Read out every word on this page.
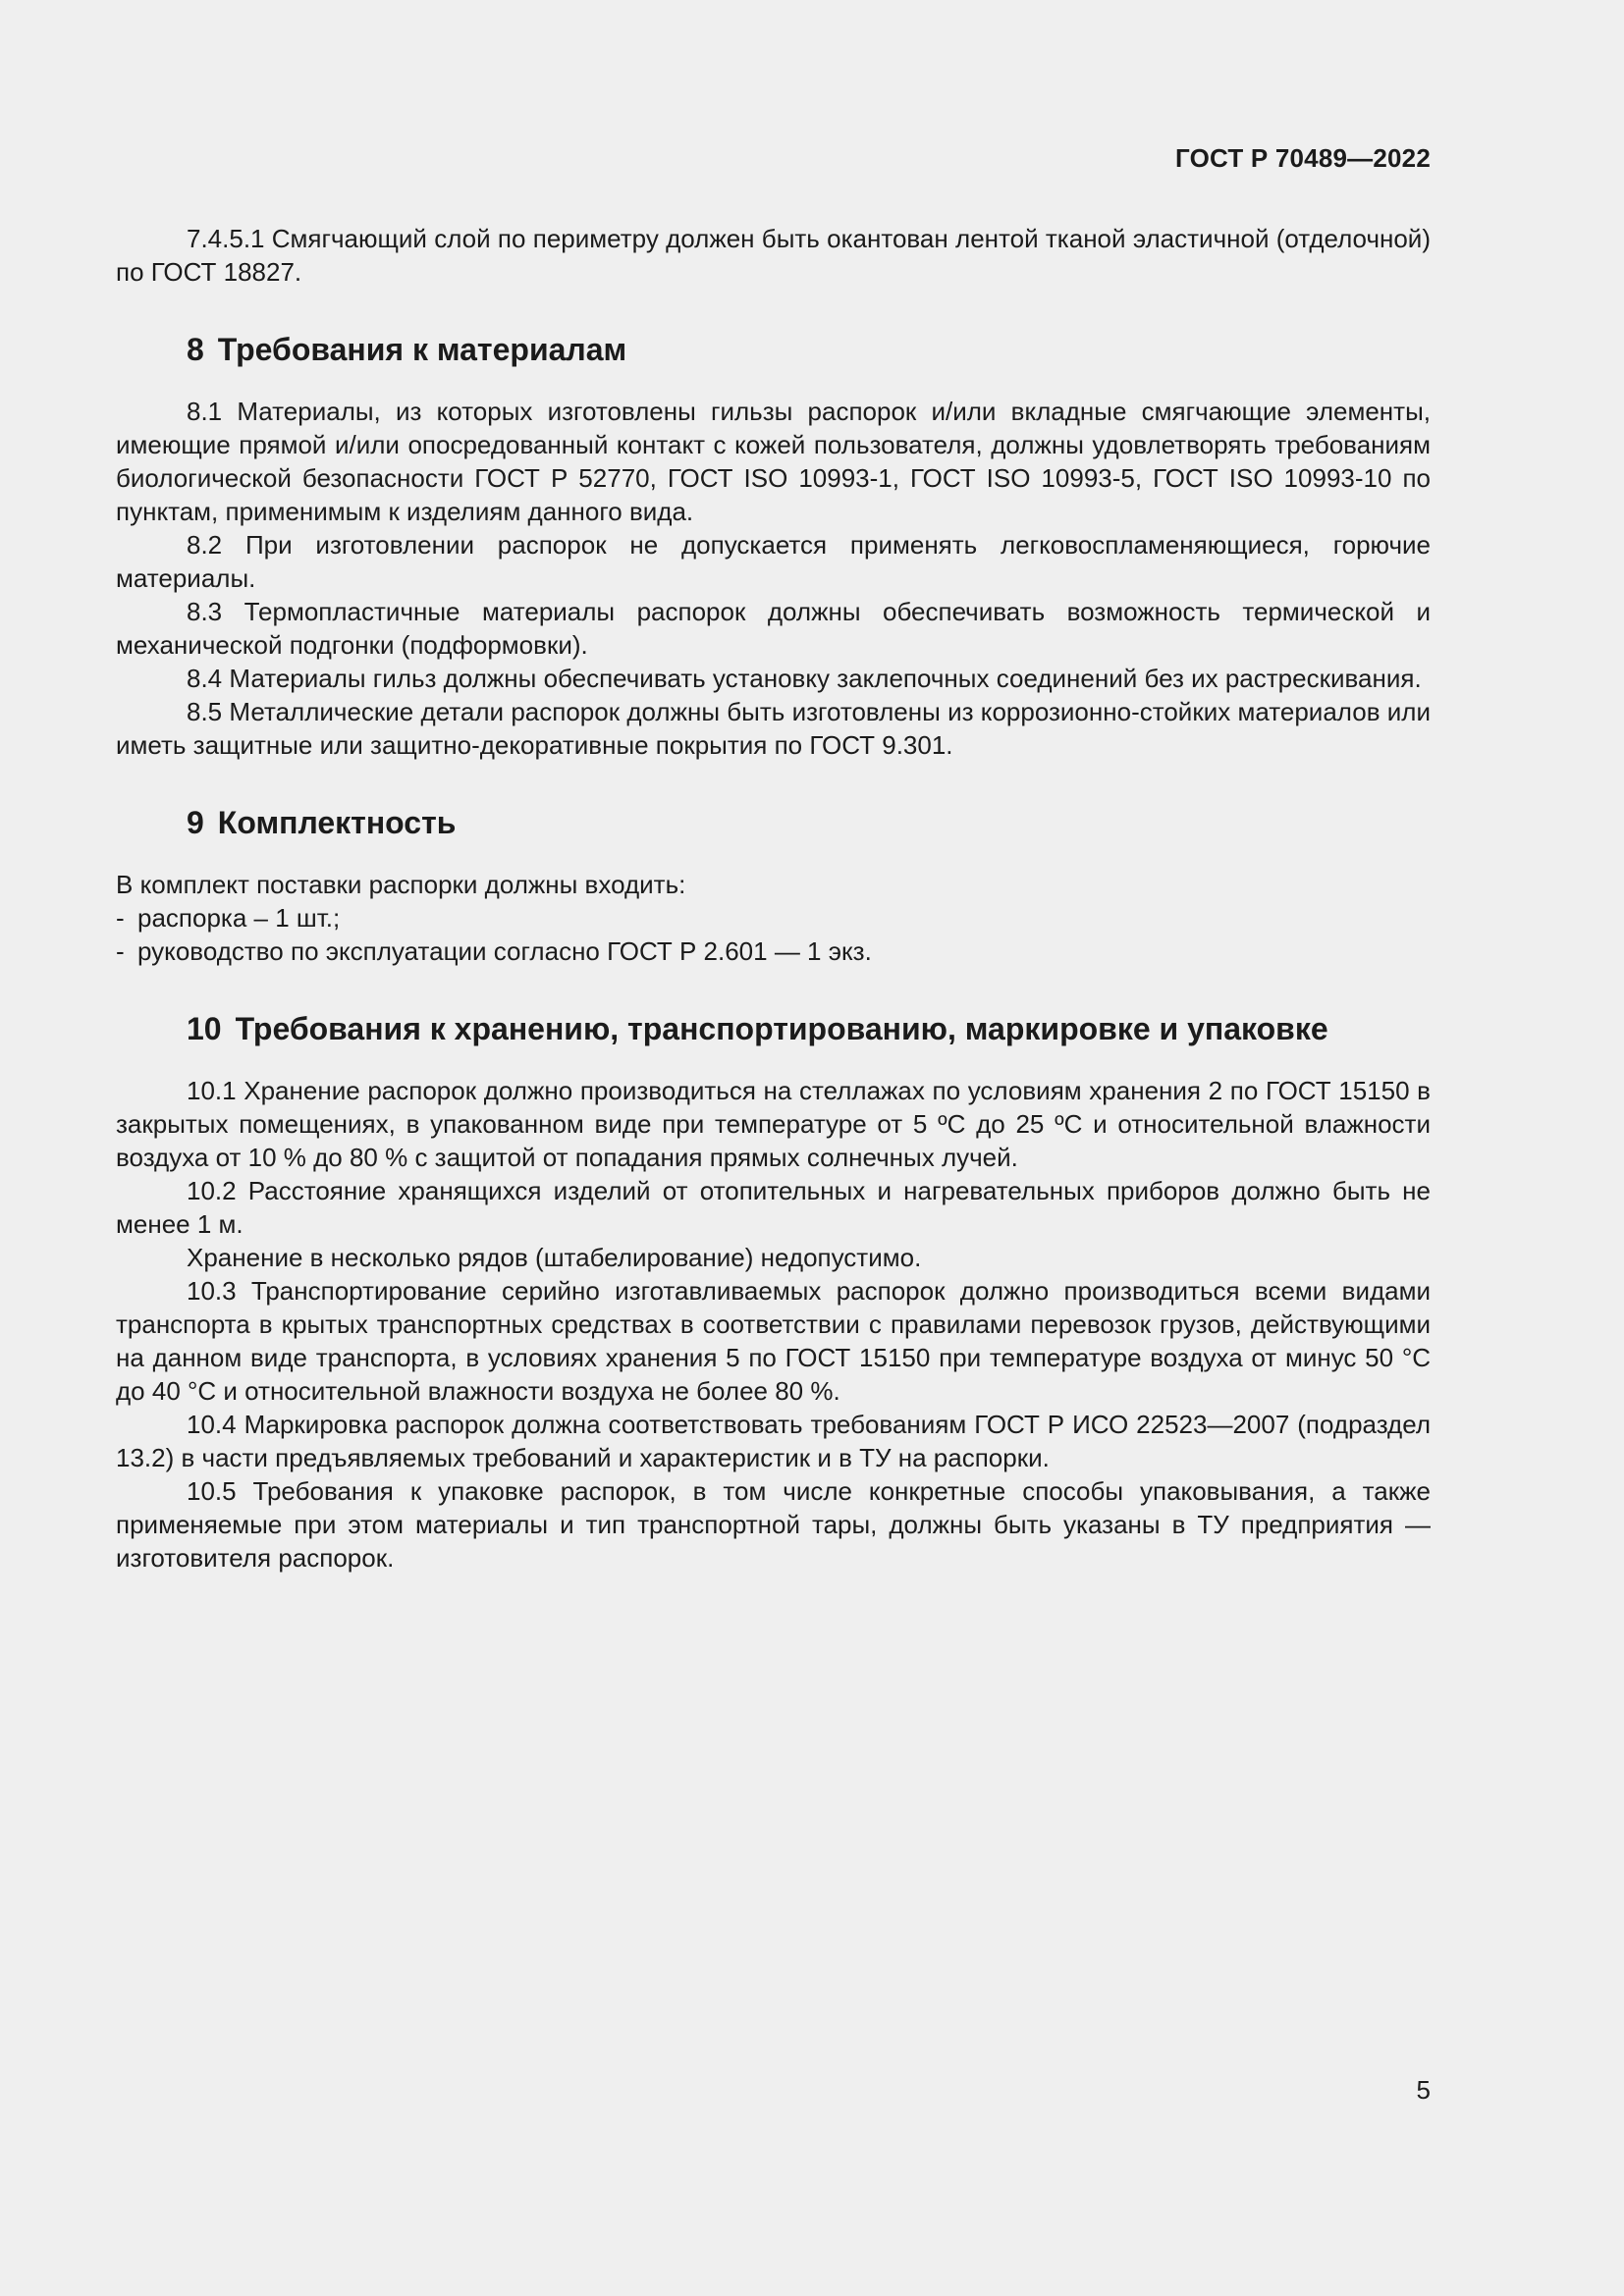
ГОСТ Р 70489—2022

7.4.5.1 Смягчающий слой по периметру должен быть окантован лентой тканой эластичной (отделочной) по ГОСТ 18827.

8 Требования к материалам

8.1 Материалы, из которых изготовлены гильзы распорок и/или вкладные смягчающие элементы, имеющие прямой и/или опосредованный контакт с кожей пользователя, должны удовлетворять требованиям биологической безопасности ГОСТ Р 52770, ГОСТ ISO 10993-1, ГОСТ ISO 10993-5, ГОСТ ISO 10993-10 по пунктам, применимым к изделиям данного вида.

8.2 При изготовлении распорок не допускается применять легковоспламеняющиеся, горючие материалы.

8.3 Термопластичные материалы распорок должны обеспечивать возможность термической и механической подгонки (подформовки).

8.4 Материалы гильз должны обеспечивать установку заклепочных соединений без их растрескивания.

8.5 Металлические детали распорок должны быть изготовлены из коррозионно-стойких материалов или иметь защитные или защитно-декоративные покрытия по ГОСТ 9.301.

9 Комплектность

В комплект поставки распорки должны входить:

- распорка – 1 шт.;

- руководство по эксплуатации согласно ГОСТ Р 2.601 — 1 экз.

10 Требования к хранению, транспортированию, маркировке и упаковке

10.1 Хранение распорок должно производиться на стеллажах по условиям хранения 2 по ГОСТ 15150 в закрытых помещениях, в упакованном виде при температуре от 5 ºС до 25 ºС и относительной влажности воздуха от 10 % до 80 % с защитой от попадания прямых солнечных лучей.

10.2 Расстояние хранящихся изделий от отопительных и нагревательных приборов должно быть не менее 1 м.

Хранение в несколько рядов (штабелирование) недопустимо.

10.3 Транспортирование серийно изготавливаемых распорок должно производиться всеми видами транспорта в крытых транспортных средствах в соответствии с правилами перевозок грузов, действующими на данном виде транспорта, в условиях хранения 5 по ГОСТ 15150 при температуре воздуха от минус 50 °С до 40 °С и относительной влажности воздуха не более 80 %.

10.4 Маркировка распорок должна соответствовать требованиям ГОСТ Р ИСО 22523—2007 (подраздел 13.2) в части предъявляемых требований и характеристик и в ТУ на распорки.

10.5 Требования к упаковке распорок, в том числе конкретные способы упаковывания, а также применяемые при этом материалы и тип транспортной тары, должны быть указаны в ТУ предприятия — изготовителя распорок.

5
